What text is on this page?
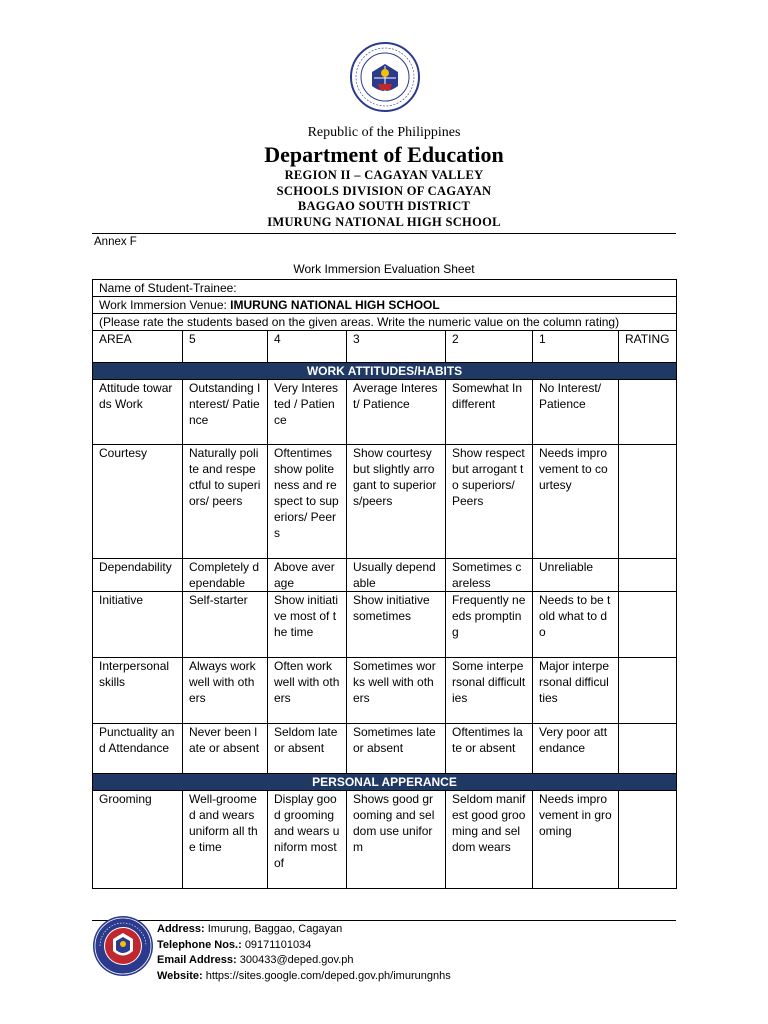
Republic of the Philippines
Department of Education
REGION II – CAGAYAN VALLEY
SCHOOLS DIVISION OF CAGAYAN
BAGGAO SOUTH DISTRICT
IMURUNG NATIONAL HIGH SCHOOL
Annex F
Work Immersion Evaluation Sheet
Name of Student-Trainee:						
Work Immersion Venue: IMURUNG NATIONAL HIGH SCHOOL						
(Please rate the students based on the given areas. Write the numeric value on the column rating)						
AREA	5	4	3	2	1	RATING
WORK ATTITUDES/HABITS						
Attitude towards Work	Outstanding Interest/ Patience	Very Interested / Patience	Average Interest/ Patience	Somewhat Indifferent	No Interest/ Patience	
Courtesy	Naturally polite and respectful to superiors/ peers	Oftentimes show politeness and respect to superiors/ Peers	Show courtesy but slightly arrogant to superiors/peers	Show respect but arrogant to superiors/ Peers	Needs improvement to courtesy	
Dependability	Completely dependable	Above average	Usually dependable	Sometimes careless	Unreliable	
Initiative	Self-starter	Show initiative most of the time	Show initiative sometimes	Frequently needs prompting	Needs to be told what to do	
Interpersonal skills	Always work well with others	Often work well with others	Sometimes works well with others	Some interpersonal difficulties	Major interpersonal difficulties	
Punctuality and Attendance	Never been late or absent	Seldom late or absent	Sometimes late or absent	Oftentimes late or absent	Very poor attendance	
PERSONAL APPERANCE						
Grooming	Well-groomed and wears uniform all the time	Display good grooming and wears uniform most of	Shows good grooming and seldom use uniform	Seldom manifest good grooming and seldom wears	Needs improvement in grooming	
Address: Imurung, Baggao, Cagayan
Telephone Nos.: 09171101034
Email Address: 300433@deped.gov.ph
Website: https://sites.google.com/deped.gov.ph/imurungnhs
